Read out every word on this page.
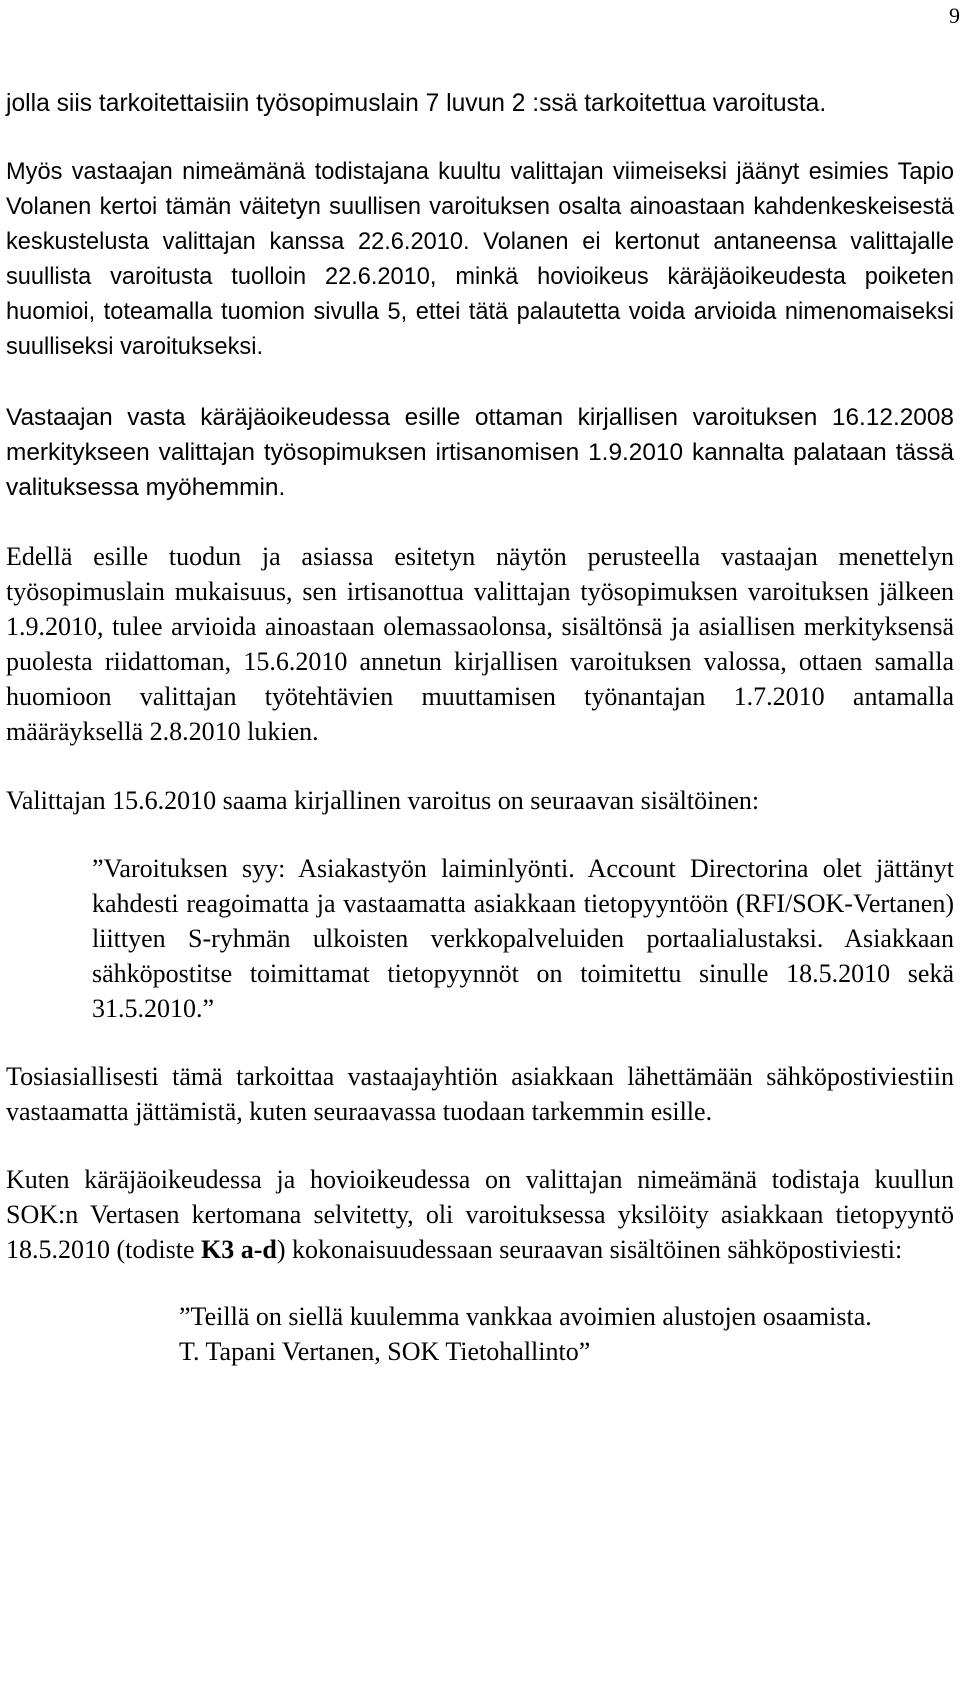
9

jolla siis tarkoitettaisiin työsopimuslain 7 luvun 2 :ssä tarkoitettua varoitusta.

Myös vastaajan nimeämänä todistajana kuultu valittajan viimeiseksi jäänyt esimies Tapio Volanen kertoi tämän väitetyn suullisen varoituksen osalta ainoastaan kahdenkeskeisestä keskustelusta valittajan kanssa 22.6.2010. Volanen ei kertonut antaneensa valittajalle suullista varoitusta tuolloin 22.6.2010, minkä hovioikeus käräjäoikeudesta poiketen huomioi, toteamalla tuomion sivulla 5, ettei tätä palautetta voida arvioida nimenomaiseksi suulliseksi varoitukseksi.

Vastaajan vasta käräjäoikeudessa esille ottaman kirjallisen varoituksen 16.12.2008 merkitykseen valittajan työsopimuksen irtisanomisen 1.9.2010 kannalta palataan tässä valituksessa myöhemmin.

Edellä esille tuodun ja asiassa esitetyn näytön perusteella vastaajan menettelyn työsopimuslain mukaisuus, sen irtisanottua valittajan työsopimuksen varoituksen jälkeen 1.9.2010, tulee arvioida ainoastaan olemassaolonsa, sisältönsä ja asiallisen merkityksensä puolesta riidattoman, 15.6.2010 annetun kirjallisen varoituksen valossa, ottaen samalla huomioon valittajan työtehtävien muuttamisen työnantajan 1.7.2010 antamalla määräyksellä 2.8.2010 lukien.

Valittajan 15.6.2010 saama kirjallinen varoitus on seuraavan sisältöinen:

”Varoituksen syy: Asiakastyön laiminlyönti. Account Directorina olet jättänyt kahdesti reagoimatta ja vastaamatta asiakkaan tietopyyntöön (RFI/SOK-Vertanen) liittyen S-ryhmän ulkoisten verkkopalveluiden portaalialustaksi. Asiakkaan sähköpostitse toimittamat tietopyynnöt on toimitettu sinulle 18.5.2010 sekä 31.5.2010.”

Tosiasiallisesti tämä tarkoittaa vastaajayhtiön asiakkaan lähettämään sähköpostiviestiin vastaamatta jättämistä, kuten seuraavassa tuodaan tarkemmin esille.

Kuten käräjäoikeudessa ja hovioikeudessa on valittajan nimeämänä todistaja kuullun SOK:n Vertasen kertomana selvitetty, oli varoituksessa yksilöity asiakkaan tietopyyntö 18.5.2010 (todiste K3 a-d) kokonaisuudessaan seuraavan sisältöinen sähköpostiviesti:

”Teillä on siellä kuulemma vankkaa avoimien alustojen osaamista.

T. Tapani Vertanen, SOK Tietohallinto”
